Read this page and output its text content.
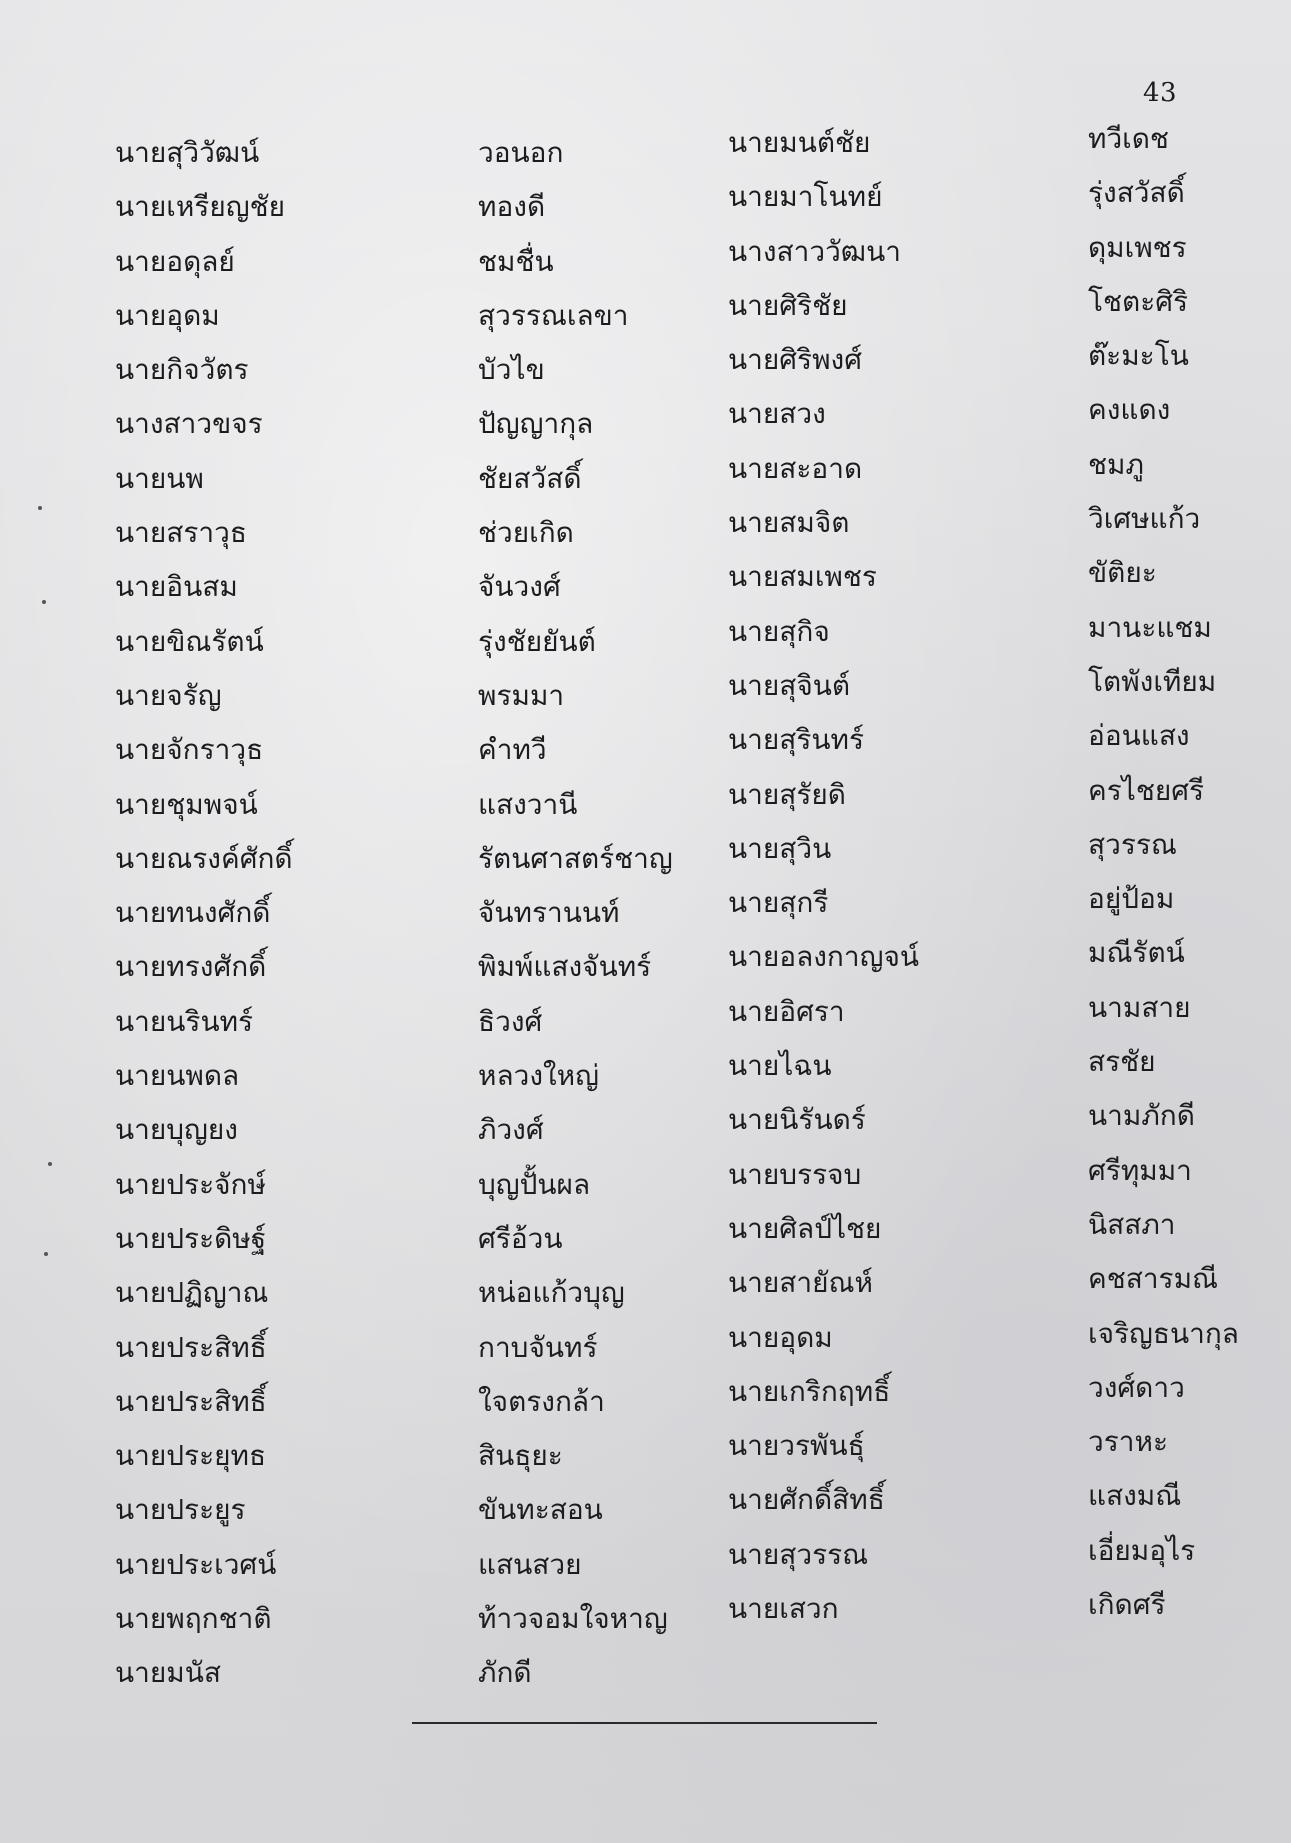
43
นายสุวิวัฒน์
นายเหรียญชัย
นายอดุลย์
นายอุดม
นายกิจวัตร
นางสาวขจร
นายนพ
นายสราวุธ
นายอินสม
นายขิณรัตน์
นายจรัญ
นายจักราวุธ
นายชุมพจน์
นายณรงค์ศักดิ์
นายทนงศักดิ์
นายทรงศักดิ์
นายนรินทร์
นายนพดล
นายบุญยง
นายประจักษ์
นายประดิษฐ์
นายปฏิญาณ
นายประสิทธิ์
นายประสิทธิ์
นายประยุทธ
นายประยูร
นายประเวศน์
นายพฤกชาติ
นายมนัส
วอนอก
ทองดี
ชมชื่น
สุวรรณเลขา
บัวไข
ปัญญากุล
ชัยสวัสดิ์
ช่วยเกิด
จันวงศ์
รุ่งชัยยันต์
พรมมา
คำทวี
แสงวานี
รัตนศาสตร์ชาญ
จันทรานนท์
พิมพ์แสงจันทร์
ธิวงศ์
หลวงใหญ่
ภิวงศ์
บุญปั้นผล
ศรีอ้วน
หน่อแก้วบุญ
กาบจันทร์
ใจตรงกล้า
สินธุยะ
ขันทะสอน
แสนสวย
ท้าวจอมใจหาญ
ภักดี
นายมนต์ชัย
นายมาโนทย์
นางสาววัฒนา
นายศิริชัย
นายศิริพงศ์
นายสวง
นายสะอาด
นายสมจิต
นายสมเพชร
นายสุกิจ
นายสุจินต์
นายสุรินทร์
นายสุรัยดิ
นายสุวิน
นายสุกรี
นายอลงกาญจน์
นายอิศรา
นายไฉน
นายนิรันดร์
นายบรรจบ
นายศิลป์ไชย
นายสายัณห์
นายอุดม
นายเกริกฤทธิ์
นายวรพันธุ์
นายศักดิ์สิทธิ์
นายสุวรรณ
นายเสวก
ทวีเดช
รุ่งสวัสดิ์
ดุมเพชร
โชตะศิริ
ต๊ะมะโน
คงแดง
ชมภู
วิเศษแก้ว
ขัติยะ
มานะแชม
โตพังเทียม
อ่อนแสง
ครไชยศรี
สุวรรณ
อยู่ป้อม
มณีรัตน์
นามสาย
สรชัย
นามภักดี
ศรีทุมมา
นิสสภา
คชสารมณี
เจริญธนากุล
วงศ์ดาว
วราหะ
แสงมณี
เอี่ยมอุไร
เกิดศรี
